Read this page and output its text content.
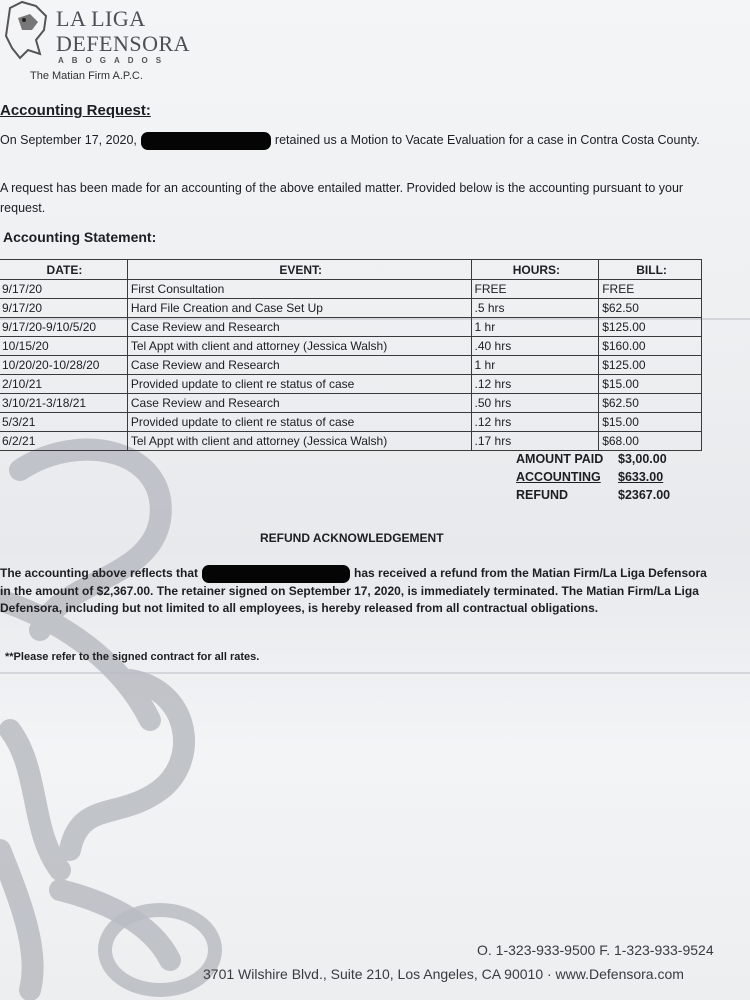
LA LIGA
DEFENSORA
ABOGADOS
The Matian Firm A.P.C.
Accounting Request:
On September 17, 2020,	retained us a Motion to Vacate Evaluation for a case in Contra Costa County.
A request has been made for an accounting of the above entailed matter. Provided below is the accounting pursuant to your request.
Accounting Statement:
DATE:	EVENT:	HOURS:	BILL:
9/17/20	First Consultation	FREE	FREE
9/17/20	Hard File Creation and Case Set Up	.5 hrs	$62.50
9/17/20-9/10/5/20	Case Review and Research	1 hr	$125.00
10/15/20	Tel Appt with client and attorney (Jessica Walsh)	.40 hrs	$160.00
10/20/20-10/28/20	Case Review and Research	1 hr	$125.00
2/10/21	Provided update to client re status of case	.12 hrs	$15.00
3/10/21-3/18/21	Case Review and Research	.50 hrs	$62.50
5/3/21	Provided update to client re status of case	.12 hrs	$15.00
6/2/21	Tel Appt with client and attorney (Jessica Walsh)	.17 hrs	$68.00
AMOUNT PAID $3,00.00
ACCOUNTING $633.00
REFUND	$2367.00
REFUND ACKNOWLEDGEMENT
The accounting above reflects that	has received a refund from the Matian Firm/La Liga Defensora in the amount of $2,367.00. The retainer signed on September 17, 2020, is immediately terminated. The Matian Firm/La Liga Defensora, including but not limited to all employees, is hereby released from all contractual obligations.
**Please refer to the signed contract for all rates.
O. 1-323-933-9500 F. 1-323-933-9524
3701 Wilshire Blvd., Suite 210, Los Angeles, CA 90010 · www.Defensora.com
